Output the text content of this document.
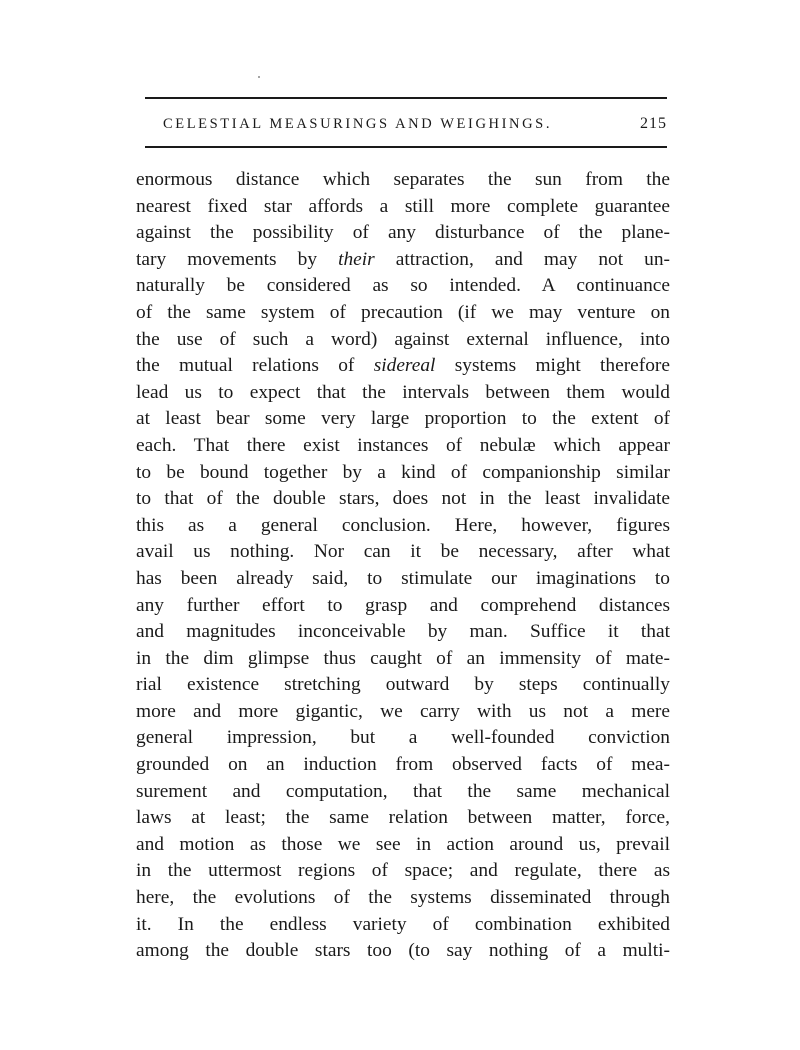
CELESTIAL MEASURINGS AND WEIGHINGS.	215
enormous distance which separates the sun from the
nearest fixed star affords a still more complete guarantee
against the possibility of any disturbance of the plane-
tary movements by their attraction, and may not un-
naturally be considered as so intended. A continuance
of the same system of precaution (if we may venture on
the use of such a word) against external influence, into
the mutual relations of sidereal systems might therefore
lead us to expect that the intervals between them would
at least bear some very large proportion to the extent of
each. That there exist instances of nebulæ which appear
to be bound together by a kind of companionship similar
to that of the double stars, does not in the least invalidate
this as a general conclusion. Here, however, figures
avail us nothing. Nor can it be necessary, after what
has been already said, to stimulate our imaginations to
any further effort to grasp and comprehend distances
and magnitudes inconceivable by man. Suffice it that
in the dim glimpse thus caught of an immensity of mate-
rial existence stretching outward by steps continually
more and more gigantic, we carry with us not a mere
general impression, but a well-founded conviction
grounded on an induction from observed facts of mea-
surement and computation, that the same mechanical
laws at least; the same relation between matter, force,
and motion as those we see in action around us, prevail
in the uttermost regions of space; and regulate, there as
here, the evolutions of the systems disseminated through
it. In the endless variety of combination exhibited
among the double stars too (to say nothing of a multi-
